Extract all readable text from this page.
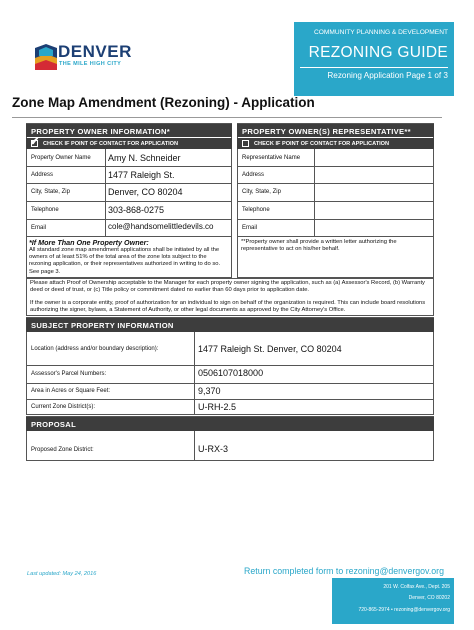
DENVER
THE MILE HIGH CITY
COMMUNITY PLANNING & DEVELOPMENT
REZONING GUIDE
Rezoning Application Page 1 of 3
Zone Map Amendment (Rezoning) - Application
PROPERTY OWNER INFORMATION*
✔ CHECK IF POINT OF CONTACT FOR APPLICATION
PROPERTY OWNER(S) REPRESENTATIVE**
CHECK IF POINT OF CONTACT FOR APPLICATION
Property Owner Name Amy N. Schneider
Address	1477 Raleigh St.
City, State, Zip	Denver, CO 80204
Telephone	303-868-0275
Email	cole@handsomelittledevils.co
*If More Than One Property Owner:
All standard zone map amendment applications shall be initiated by all the owners of at least 51% of the total area of the zone lots subject to the rezoning application, or their representatives authorized in writing to do so. See page 3.
Representative Name
Address
City, State, Zip
Telephone
Email
**Property owner shall provide a written letter authorizing the representative to act on his/her behalf.
Please attach Proof of Ownership acceptable to the Manager for each property owner signing the application, such as (a) Assessor's Record, (b) Warranty deed or deed of trust, or (c) Title policy or commitment dated no earlier than 60 days prior to application date.
If the owner is a corporate entity, proof of authorization for an individual to sign on behalf of the organization is required. This can include board resolutions authorizing the signer, bylaws, a Statement of Authority, or other legal documents as approved by the City Attorney's Office.
SUBJECT PROPERTY INFORMATION
Location (address and/or boundary description):	1477 Raleigh St. Denver, CO 80204
Assessor's Parcel Numbers:	0506107018000
Area in Acres or Square Feet:	9,370
Current Zone District(s):	U-RH-2.5
PROPOSAL
Proposed Zone District:	U-RX-3
Last updated: May 24, 2016	Return completed form to rezoning@denvergov.org
201 W. Colfax Ave., Dept. 205
Denver, CO 80202
720-865-2974 • rezoning@denvergov.org
